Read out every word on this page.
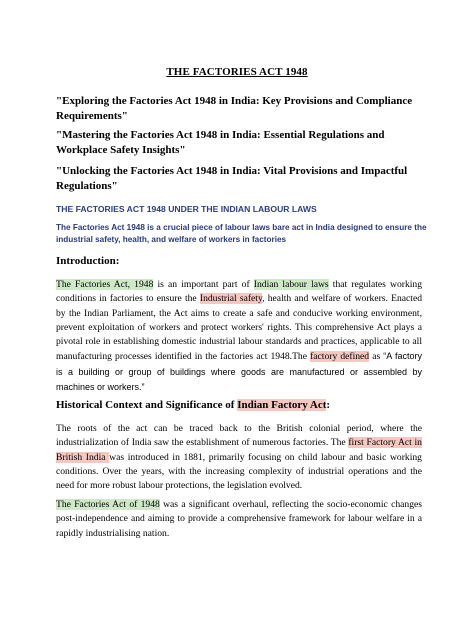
THE FACTORIES ACT 1948
"Exploring the Factories Act 1948 in India: Key Provisions and Compliance Requirements"
"Mastering the Factories Act 1948 in India: Essential Regulations and Workplace Safety Insights"
"Unlocking the Factories Act 1948 in India: Vital Provisions and Impactful Regulations"
THE FACTORIES ACT 1948 UNDER THE INDIAN LABOUR LAWS
The Factories Act 1948 is a crucial piece of labour laws bare act in India designed to ensure the industrial safety, health, and welfare of workers in factories
Introduction:
The Factories Act, 1948 is an important part of Indian labour laws that regulates working conditions in factories to ensure the Industrial safety, health and welfare of workers. Enacted by the Indian Parliament, the Act aims to create a safe and conducive working environment, prevent exploitation of workers and protect workers' rights. This comprehensive Act plays a pivotal role in establishing domestic industrial labour standards and practices, applicable to all manufacturing processes identified in the factories act 1948.The factory defined as “A factory is a building or group of buildings where goods are manufactured or assembled by machines or workers.”
Historical Context and Significance of Indian Factory Act:
The roots of the act can be traced back to the British colonial period, where the industrialization of India saw the establishment of numerous factories. The first Factory Act in British India was introduced in 1881, primarily focusing on child labour and basic working conditions. Over the years, with the increasing complexity of industrial operations and the need for more robust labour protections, the legislation evolved.
The Factories Act of 1948 was a significant overhaul, reflecting the socio-economic changes post-independence and aiming to provide a comprehensive framework for labour welfare in a rapidly industrialising nation.
